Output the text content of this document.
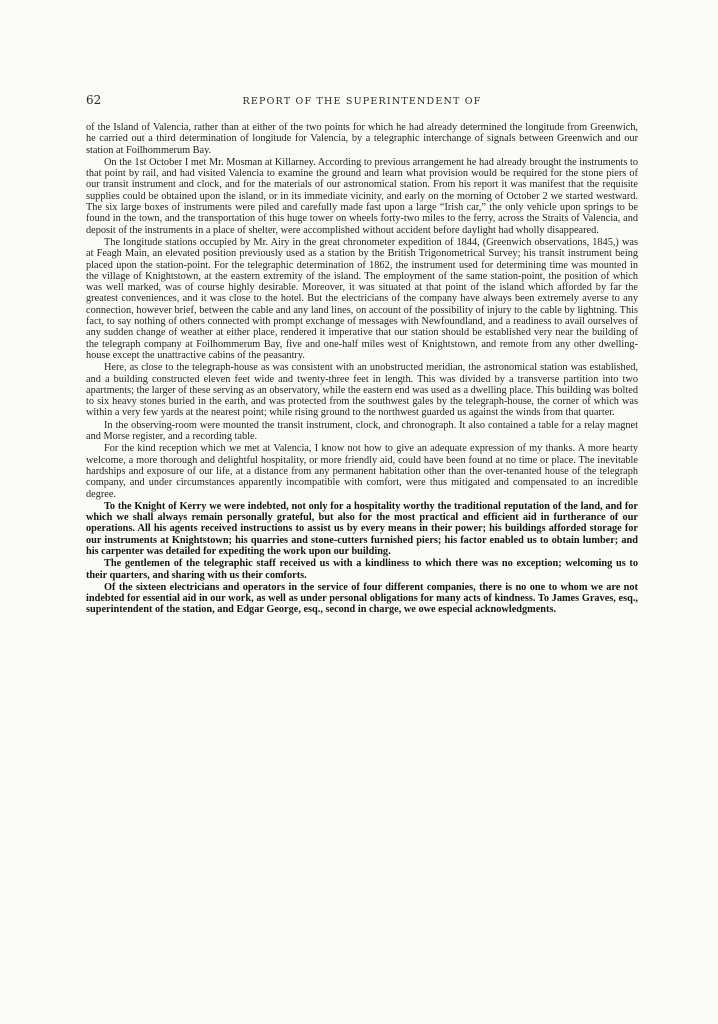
62	REPORT OF THE SUPERINTENDENT OF

of the Island of Valencia, rather than at either of the two points for which he had already determined the longitude from Greenwich, he carried out a third determination of longitude for Valencia, by a telegraphic interchange of signals between Greenwich and our station at Foilhommerum Bay.

On the 1st October I met Mr. Mosman at Killarney. According to previous arrangement he had already brought the instruments to that point by rail, and had visited Valencia to examine the ground and learn what provision would be required for the stone piers of our transit instrument and clock, and for the materials of our astronomical station. From his report it was manifest that the requisite supplies could be obtained upon the island, or in its immediate vicinity, and early on the morning of October 2 we started westward. The six large boxes of instruments were piled and carefully made fast upon a large “Irish car,” the only vehicle upon springs to be found in the town, and the transportation of this huge tower on wheels forty-two miles to the ferry, across the Straits of Valencia, and deposit of the instruments in a place of shelter, were accomplished without accident before daylight had wholly disappeared.

The longitude stations occupied by Mr. Airy in the great chronometer expedition of 1844, (Greenwich observations, 1845,) was at Feagh Main, an elevated position previously used as a station by the British Trigonometrical Survey; his transit instrument being placed upon the station-point. For the telegraphic determination of 1862, the instrument used for determining time was mounted in the village of Knightstown, at the eastern extremity of the island. The employment of the same station-point, the position of which was well marked, was of course highly desirable. Moreover, it was situated at that point of the island which afforded by far the greatest conveniences, and it was close to the hotel. But the electricians of the company have always been extremely averse to any connection, however brief, between the cable and any land lines, on account of the possibility of injury to the cable by lightning. This fact, to say nothing of others connected with prompt exchange of messages with Newfoundland, and a readiness to avail ourselves of any sudden change of weather at either place, rendered it imperative that our station should be established very near the building of the telegraph company at Foilhommerum Bay, five and one-half miles west of Knightstown, and remote from any other dwelling-house except the unattractive cabins of the peasantry.

Here, as close to the telegraph-house as was consistent with an unobstructed meridian, the astronomical station was established, and a building constructed eleven feet wide and twenty-three feet in length. This was divided by a transverse partition into two apartments; the larger of these serving as an observatory, while the eastern end was used as a dwelling place. This building was bolted to six heavy stones buried in the earth, and was protected from the southwest gales by the telegraph-house, the corner of which was within a very few yards at the nearest point; while rising ground to the northwest guarded us against the winds from that quarter.

In the observing-room were mounted the transit instrument, clock, and chronograph. It also contained a table for a relay magnet and Morse register, and a recording table.

For the kind reception which we met at Valencia, I know not how to give an adequate expression of my thanks. A more hearty welcome, a more thorough and delightful hospitality, or more friendly aid, could have been found at no time or place. The inevitable hardships and exposure of our life, at a distance from any permanent habitation other than the over-tenanted house of the telegraph company, and under circumstances apparently incompatible with comfort, were thus mitigated and compensated to an incredible degree.

To the Knight of Kerry we were indebted, not only for a hospitality worthy the traditional reputation of the land, and for which we shall always remain personally grateful, but also for the most practical and efficient aid in furtherance of our operations. All his agents received instructions to assist us by every means in their power; his buildings afforded storage for our instruments at Knightstown; his quarries and stone-cutters furnished piers; his factor enabled us to obtain lumber; and his carpenter was detailed for expediting the work upon our building.

The gentlemen of the telegraphic staff received us with a kindliness to which there was no exception; welcoming us to their quarters, and sharing with us their comforts.

Of the sixteen electricians and operators in the service of four different companies, there is no one to whom we are not indebted for essential aid in our work, as well as under personal obligations for many acts of kindness. To James Graves, esq., superintendent of the station, and Edgar George, esq., second in charge, we owe especial acknowledgments.
